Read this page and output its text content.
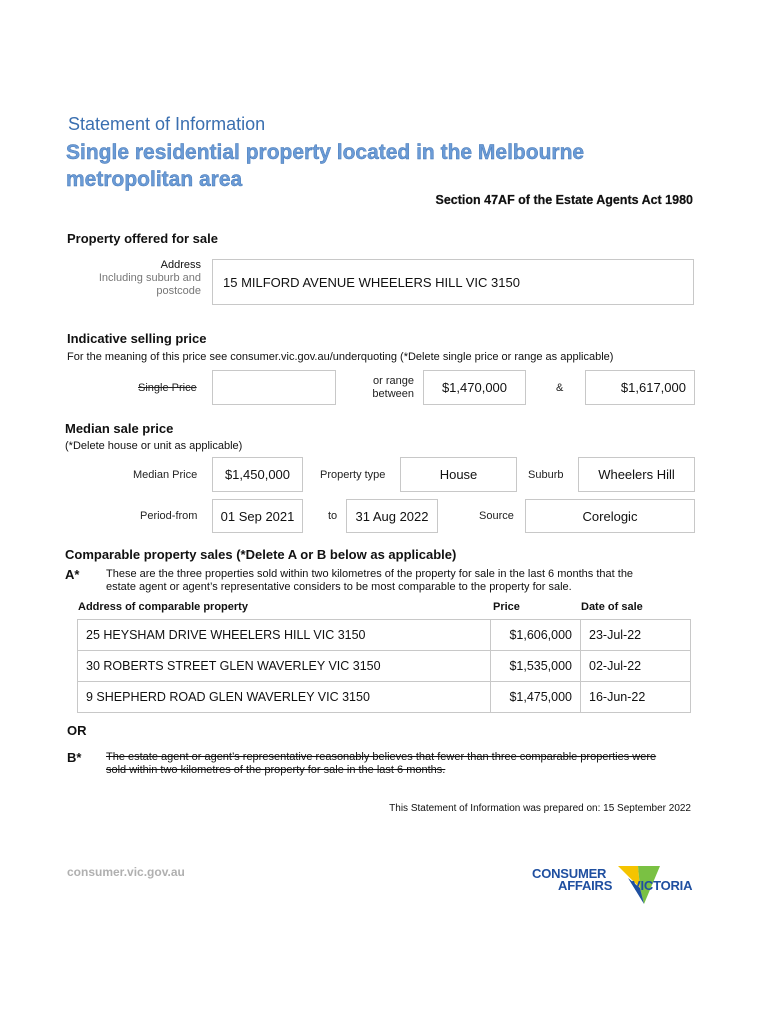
Statement of Information
Single residential property located in the Melbourne
metropolitan area
Section 47AF of the Estate Agents Act 1980
Property offered for sale
Address
Including suburb and
postcode
15 MILFORD AVENUE WHEELERS HILL VIC 3150
Indicative selling price
For the meaning of this price see consumer.vic.gov.au/underquoting (*Delete single price or range as applicable)
Single Price
or range
between $1,470,000	&	$1,617,000
Median sale price
(*Delete house or unit as applicable)
Median Price $1,450,000	Property type	House	Suburb	Wheelers Hill
Period-from 01 Sep 2021	to 31 Aug 2022	Source	Corelogic
Comparable property sales (*Delete A or B below as applicable)
A* These are the three properties sold within two kilometres of the property for sale in the last 6 months that the
estate agent or agent’s representative considers to be most comparable to the property for sale.
Address of comparable property	Price	Date of sale
25 HEYSHAM DRIVE WHEELERS HILL VIC 3150	$1,606,000	23-Jul-22
30 ROBERTS STREET GLEN WAVERLEY VIC 3150	$1,535,000	02-Jul-22
9 SHEPHERD ROAD GLEN WAVERLEY VIC 3150	$1,475,000	16-Jun-22
OR
B* The estate agent or agent’s representative reasonably believes that fewer than three comparable properties were
sold within two kilometres of the property for sale in the last 6 months.
This Statement of Information was prepared on: 15 September 2022
consumer.vic.gov.au	CONSUMER
AFFAIRS VICTORIA
